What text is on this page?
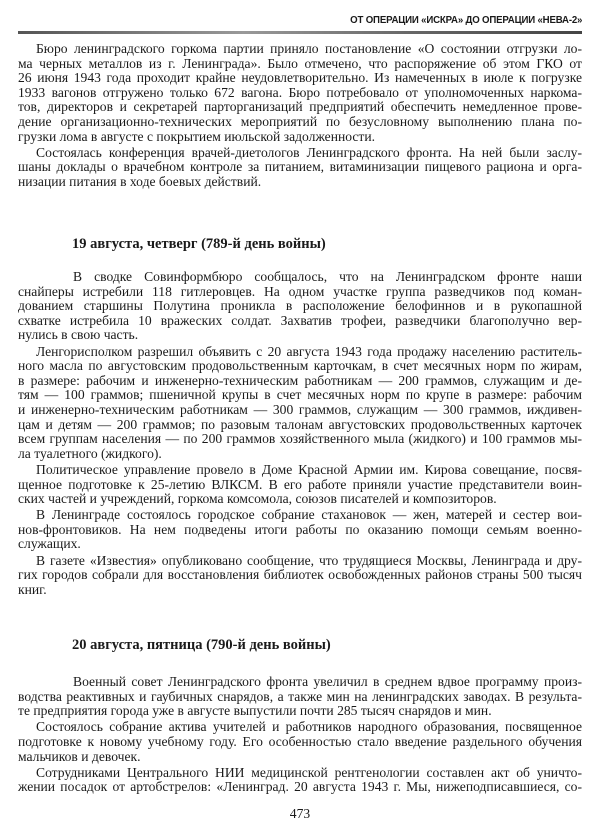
ОТ ОПЕРАЦИИ «ИСКРА» ДО ОПЕРАЦИИ «НЕВА-2»
Бюро ленинградского горкома партии приняло постановление «О состоянии отгрузки ло-
ма черных металлов из г. Ленинграда». Было отмечено, что распоряжение об этом ГКО от
26 июня 1943 года проходит крайне неудовлетворительно. Из намеченных в июле к погрузке
1933 вагонов отгружено только 672 вагона. Бюро потребовало от уполномоченных наркома-
тов, директоров и секретарей парторганизаций предприятий обеспечить немедленное прове-
дение организационно-технических мероприятий по безусловному выполнению плана по-
грузки лома в августе с покрытием июльской задолженности.
Состоялась конференция врачей-диетологов Ленинградского фронта. На ней были заслу-
шаны доклады о врачебном контроле за питанием, витаминизации пищевого рациона и орга-
низации питания в ходе боевых действий.
19 августа, четверг (789-й день войны)
В сводке Совинформбюро сообщалось, что на Ленинградском фронте наши
снайперы истребили 118 гитлеровцев. На одном участке группа разведчиков под коман-
дованием старшины Полутина проникла в расположение белофиннов и в рукопашной
схватке истребила 10 вражеских солдат. Захватив трофеи, разведчики благополучно вер-
нулись в свою часть.
Ленгорисполком разрешил объявить с 20 августа 1943 года продажу населению раститель-
ного масла по августовским продовольственным карточкам, в счет месячных норм по жирам,
в размере: рабочим и инженерно-техническим работникам — 200 граммов, служащим и де-
тям — 100 граммов; пшеничной крупы в счет месячных норм по крупе в размере: рабочим
и инженерно-техническим работникам — 300 граммов, служащим — 300 граммов, иждивен-
цам и детям — 200 граммов; по разовым талонам августовских продовольственных карточек
всем группам населения — по 200 граммов хозяйственного мыла (жидкого) и 100 граммов мы-
ла туалетного (жидкого).
Политическое управление провело в Доме Красной Армии им. Кирова совещание, посвя-
щенное подготовке к 25-летию ВЛКСМ. В его работе приняли участие представители воин-
ских частей и учреждений, горкома комсомола, союзов писателей и композиторов.
В Ленинграде состоялось городское собрание стахановок — жен, матерей и сестер вои-
нов-фронтовиков. На нем подведены итоги работы по оказанию помощи семьям военно-
служащих.
В газете «Известия» опубликовано сообщение, что трудящиеся Москвы, Ленинграда и дру-
гих городов собрали для восстановления библиотек освобожденных районов страны 500 тысяч
книг.
20 августа, пятница (790-й день войны)
Военный совет Ленинградского фронта увеличил в среднем вдвое программу произ-
водства реактивных и гаубичных снарядов, а также мин на ленинградских заводах. В результа-
те предприятия города уже в августе выпустили почти 285 тысяч снарядов и мин.
Состоялось собрание актива учителей и работников народного образования, посвященное
подготовке к новому учебному году. Его особенностью стало введение раздельного обучения
мальчиков и девочек.
Сотрудниками Центрального НИИ медицинской рентгенологии составлен акт об уничто-
жении посадок от артобстрелов: «Ленинград. 20 августа 1943 г. Мы, нижеподписавшиеся, со-
473
